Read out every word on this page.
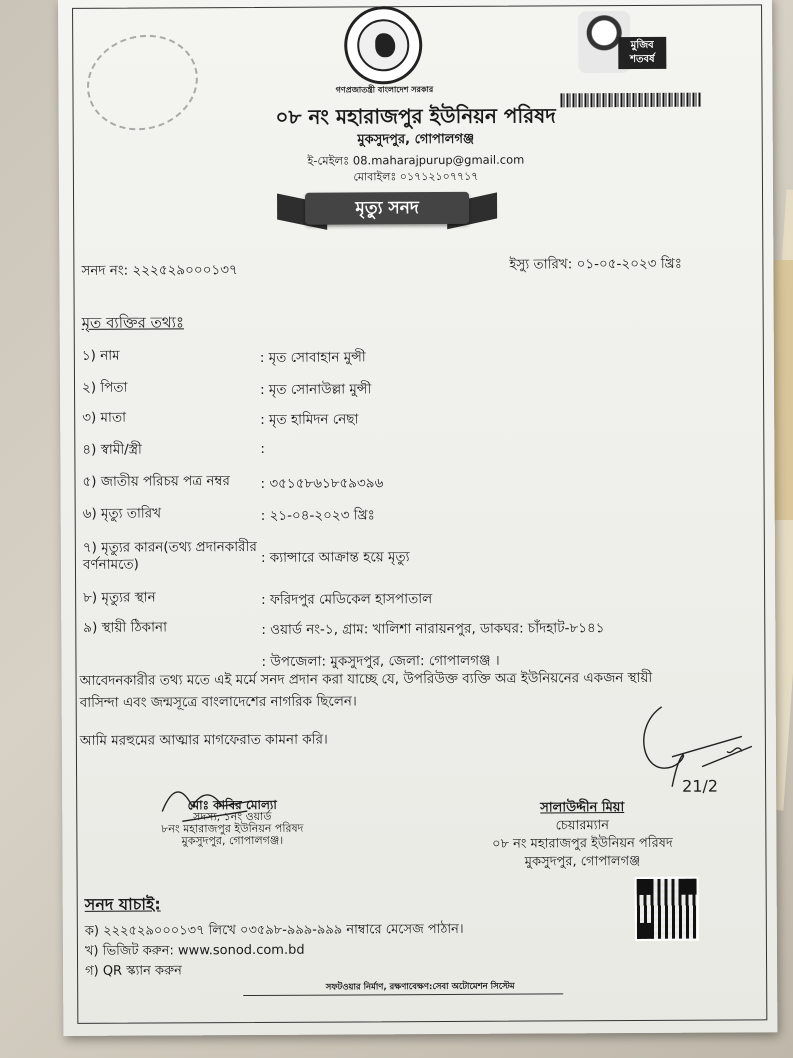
গণপ্রজাতন্ত্রী বাংলাদেশ সরকার
মুজিব শতবর্ষ
০৮ নং মহারাজপুর ইউনিয়ন পরিষদ
মুকসুদপুর, গোপালগঞ্জ
ই-মেইলঃ 08.maharajpurup@gmail.com
মোবাইলঃ ০১৭১২১০৭৭১৭
মৃত্যু সনদ
সনদ নং: ২২২৫২৯০০০১৩৭	ইস্যু তারিখ: ০১-০৫-২০২৩ খ্রিঃ
মৃত ব্যক্তির তথ্যঃ
১) নাম	: মৃত সোবাহান মুন্সী
২) পিতা	: মৃত সোনাউল্লা মুন্সী
৩) মাতা	: মৃত হামিদন নেছা
৪) স্বামী/স্ত্রী	:
৫) জাতীয় পরিচয় পত্র নম্বর	: ৩৫১৫৮৬১৮৫৯৩৯৬
৬) মৃত্যু তারিখ	: ২১-০৪-২০২৩ খ্রিঃ
৭) মৃত্যুর কারন(তথ্য প্রদানকারীর বর্ণনামতে)	: ক্যান্সারে আক্রান্ত হয়ে মৃত্যু
৮) মৃত্যুর স্থান	: ফরিদপুর মেডিকেল হাসপাতাল
৯) স্থায়ী ঠিকানা	: ওয়ার্ড নং-১, গ্রাম: খালিশা নারায়নপুর, ডাকঘর: চাঁদহাট-৮১৪১
: উপজেলা: মুকসুদপুর, জেলা: গোপালগঞ্জ ।
আবেদনকারীর তথ্য মতে এই মর্মে সনদ প্রদান করা যাচ্ছে যে, উপরিউক্ত ব্যক্তি অত্র ইউনিয়নের একজন স্থায়ী
বাসিন্দা এবং জন্মসূত্রে বাংলাদেশের নাগরিক ছিলেন।
আমি মরহুমের আত্মার মাগফেরাত কামনা করি।
21/2
মোঃ কাবির মোল্যা
সদস্য, ১নং ওয়ার্ড
৮নং মহারাজপুর ইউনিয়ন পরিষদ
মুকসুদপুর, গোপালগঞ্জ।
সালাউদ্দীন মিয়া
চেয়ারম্যান
০৮ নং মহারাজপুর ইউনিয়ন পরিষদ
মুকসুদপুর, গোপালগঞ্জ
সনদ যাচাই:
ক) ২২২৫২৯০০০১৩৭ লিখে ০৩৫৯৮-৯৯৯-৯৯৯ নাম্বারে মেসেজ পাঠান।
খ) ভিজিট করুন: www.sonod.com.bd
গ) QR স্ক্যান করুন
সফটওয়ার নির্মাণ, রক্ষণাবেক্ষণ:সেবা অটোমেশন সিস্টেম
